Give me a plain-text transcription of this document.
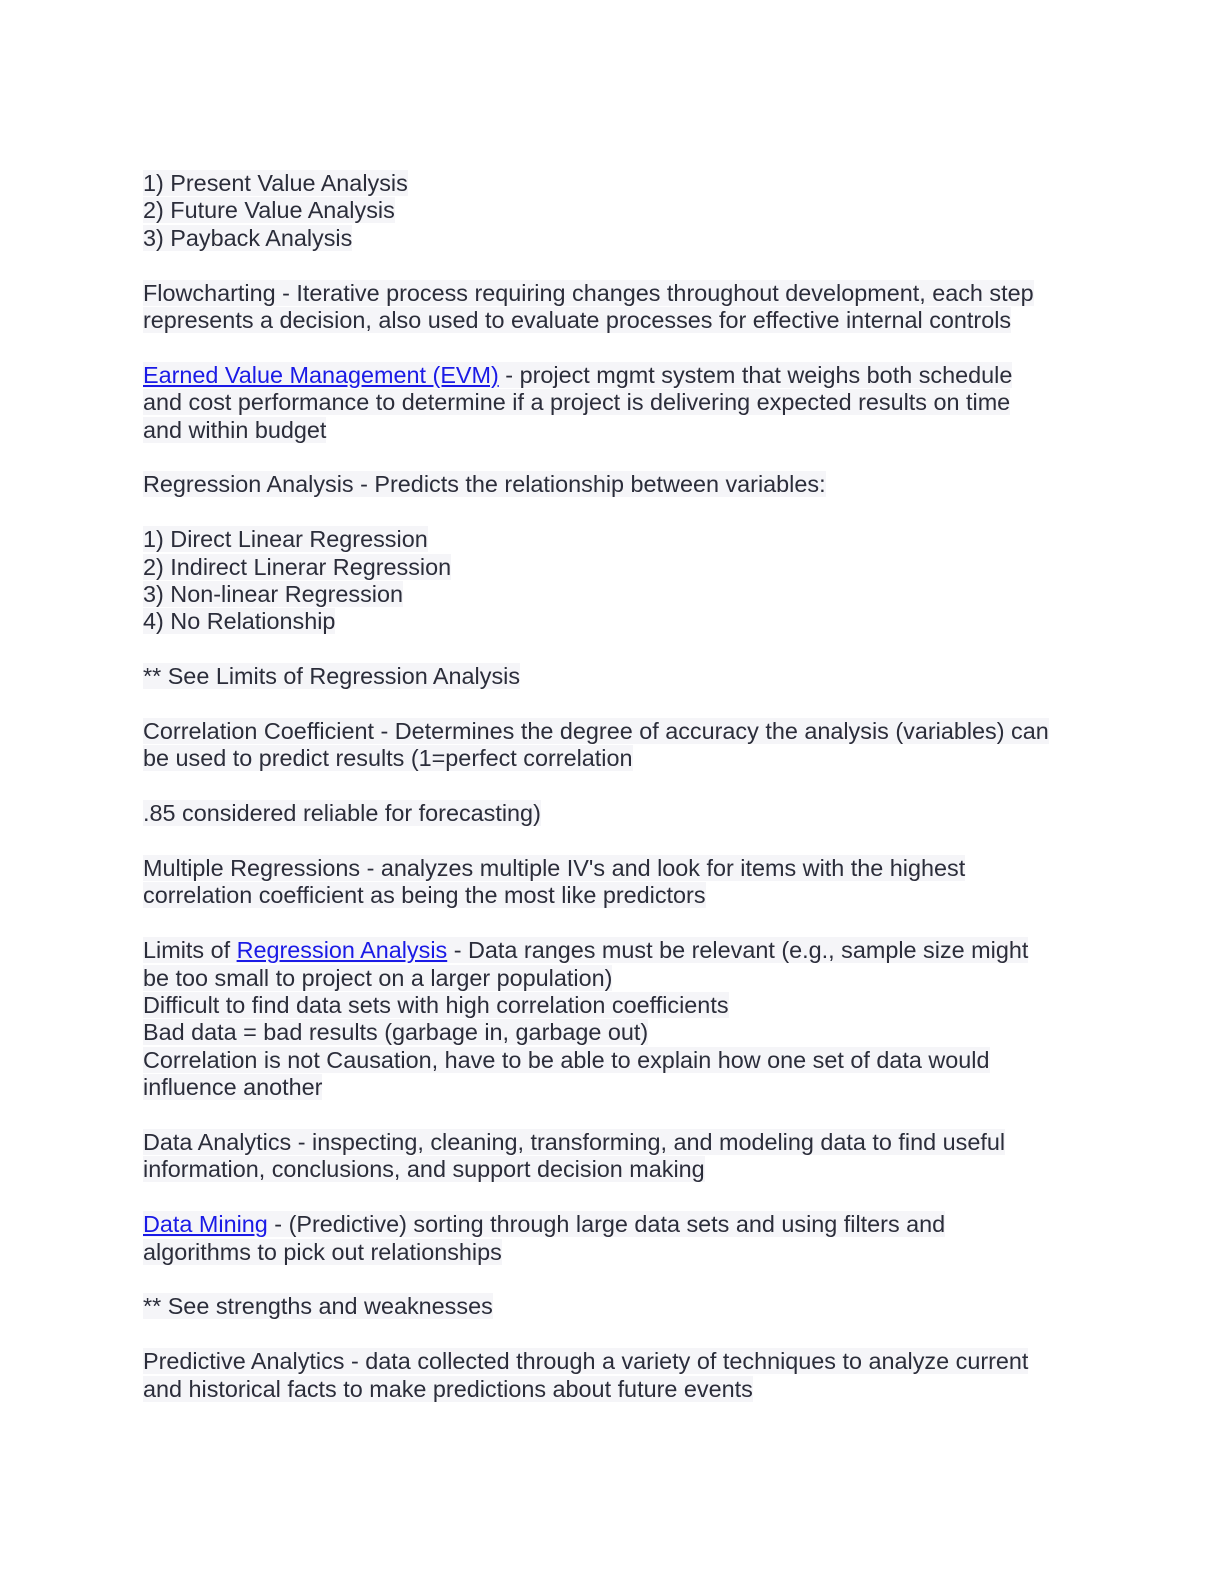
1) Present Value Analysis
2) Future Value Analysis
3) Payback Analysis
Flowcharting - Iterative process requiring changes throughout development, each step
represents a decision, also used to evaluate processes for effective internal controls
Earned Value Management (EVM) - project mgmt system that weighs both schedule
and cost performance to determine if a project is delivering expected results on time
and within budget
Regression Analysis - Predicts the relationship between variables:
1) Direct Linear Regression
2) Indirect Linerar Regression
3) Non-linear Regression
4) No Relationship
** See Limits of Regression Analysis
Correlation Coefficient - Determines the degree of accuracy the analysis (variables) can
be used to predict results (1=perfect correlation
.85 considered reliable for forecasting)
Multiple Regressions - analyzes multiple IV's and look for items with the highest
correlation coefficient as being the most like predictors
Limits of Regression Analysis - Data ranges must be relevant (e.g., sample size might
be too small to project on a larger population)
Difficult to find data sets with high correlation coefficients
Bad data = bad results (garbage in, garbage out)
Correlation is not Causation, have to be able to explain how one set of data would
influence another
Data Analytics - inspecting, cleaning, transforming, and modeling data to find useful
information, conclusions, and support decision making
Data Mining - (Predictive) sorting through large data sets and using filters and
algorithms to pick out relationships
** See strengths and weaknesses
Predictive Analytics - data collected through a variety of techniques to analyze current
and historical facts to make predictions about future events
